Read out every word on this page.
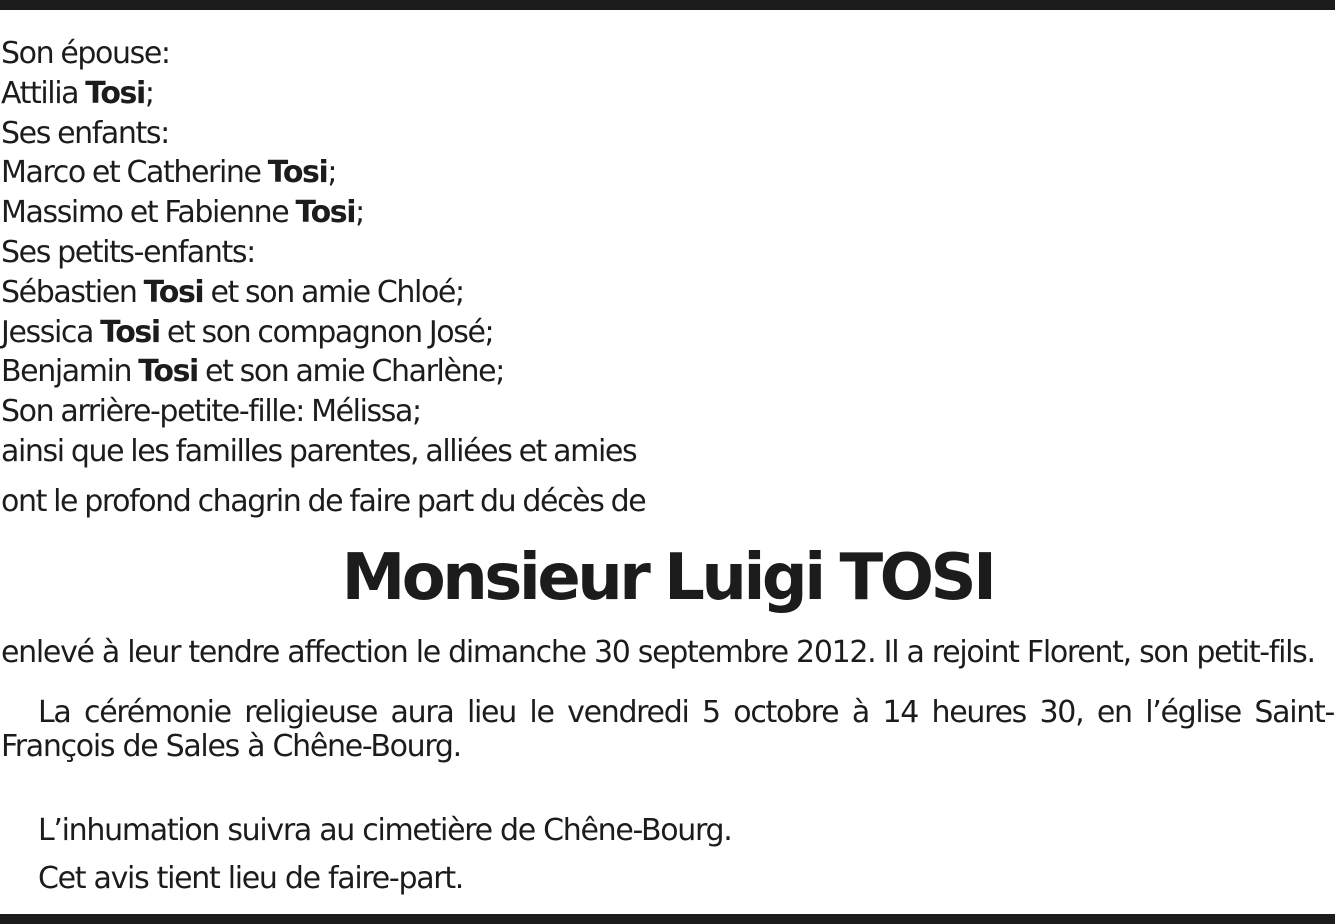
Son épouse:
Attilia Tosi;
Ses enfants:
Marco et Catherine Tosi;
Massimo et Fabienne Tosi;
Ses petits-enfants:
Sébastien Tosi et son amie Chloé;
Jessica Tosi et son compagnon José;
Benjamin Tosi et son amie Charlène;
Son arrière-petite-fille: Mélissa;
ainsi que les familles parentes, alliées et amies
ont le profond chagrin de faire part du décès de
Monsieur Luigi TOSI
enlevé à leur tendre affection le dimanche 30 septembre 2012. Il a rejoint Florent, son petit-fils.
La cérémonie religieuse aura lieu le vendredi 5 octobre à 14 heures 30, en l’église Saint-François de Sales à Chêne-Bourg.
L’inhumation suivra au cimetière de Chêne-Bourg.
Cet avis tient lieu de faire-part.
